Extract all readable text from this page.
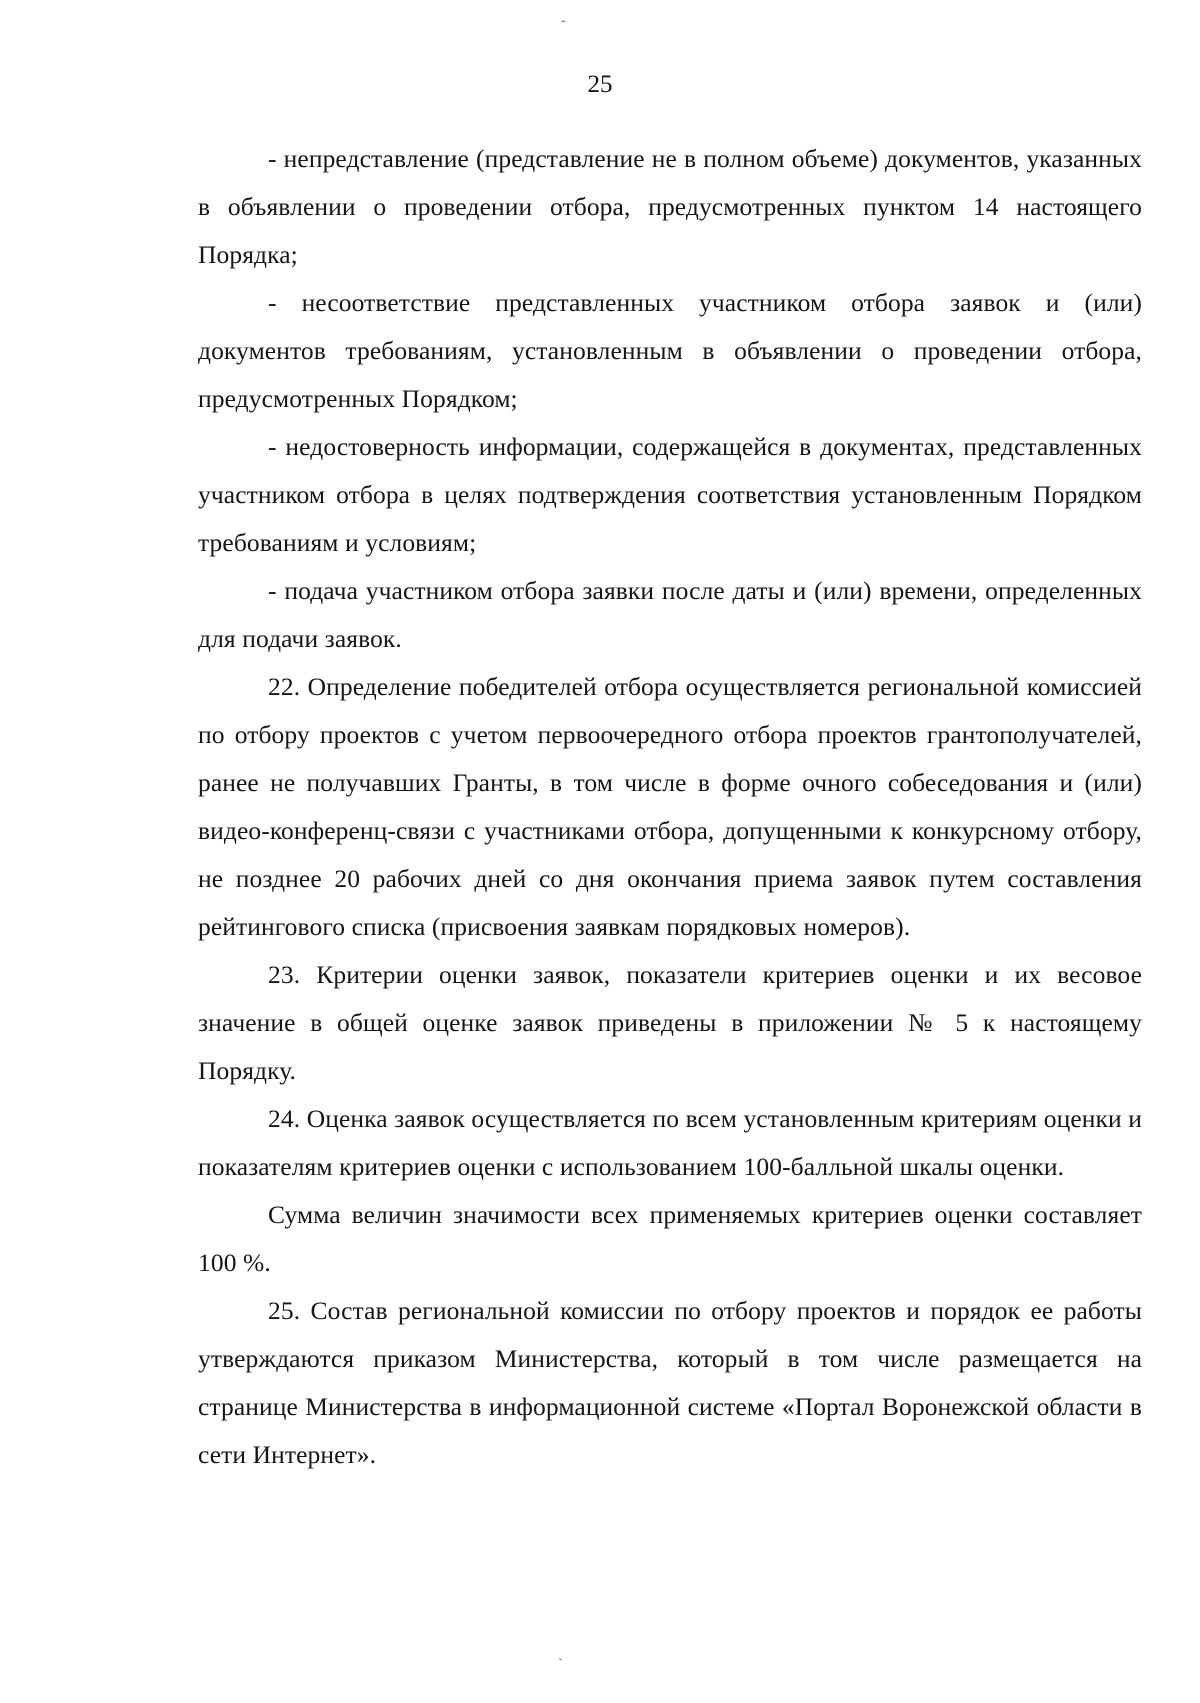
ˆ
25

- непредставление (представление не в полном объеме) документов, указанных в объявлении о проведении отбора, предусмотренных пунктом 14 настоящего Порядка;

- несоответствие представленных участником отбора заявок и (или) документов требованиям, установленным в объявлении о проведении отбора, предусмотренных Порядком;

- недостоверность информации, содержащейся в документах, представленных участником отбора в целях подтверждения соответствия установленным Порядком требованиям и условиям;

- подача участником отбора заявки после даты и (или) времени, определенных для подачи заявок.

22. Определение победителей отбора осуществляется региональной комиссией по отбору проектов с учетом первоочередного отбора проектов грантополучателей, ранее не получавших Гранты, в том числе в форме очного собеседования и (или) видео-конференц-связи с участниками отбора, допущенными к конкурсному отбору, не позднее 20 рабочих дней со дня окончания приема заявок путем составления рейтингового списка (присвоения заявкам порядковых номеров).

23. Критерии оценки заявок, показатели критериев оценки и их весовое значение в общей оценке заявок приведены в приложении № 5 к настоящему Порядку.

24. Оценка заявок осуществляется по всем установленным критериям оценки и показателям критериев оценки с использованием 100-балльной шкалы оценки.

Сумма величин значимости всех применяемых критериев оценки составляет 100 %.

25. Состав региональной комиссии по отбору проектов и порядок ее работы утверждаются приказом Министерства, который в том числе размещается на странице Министерства в информационной системе «Портал Воронежской области в сети Интернет».

ˋ
